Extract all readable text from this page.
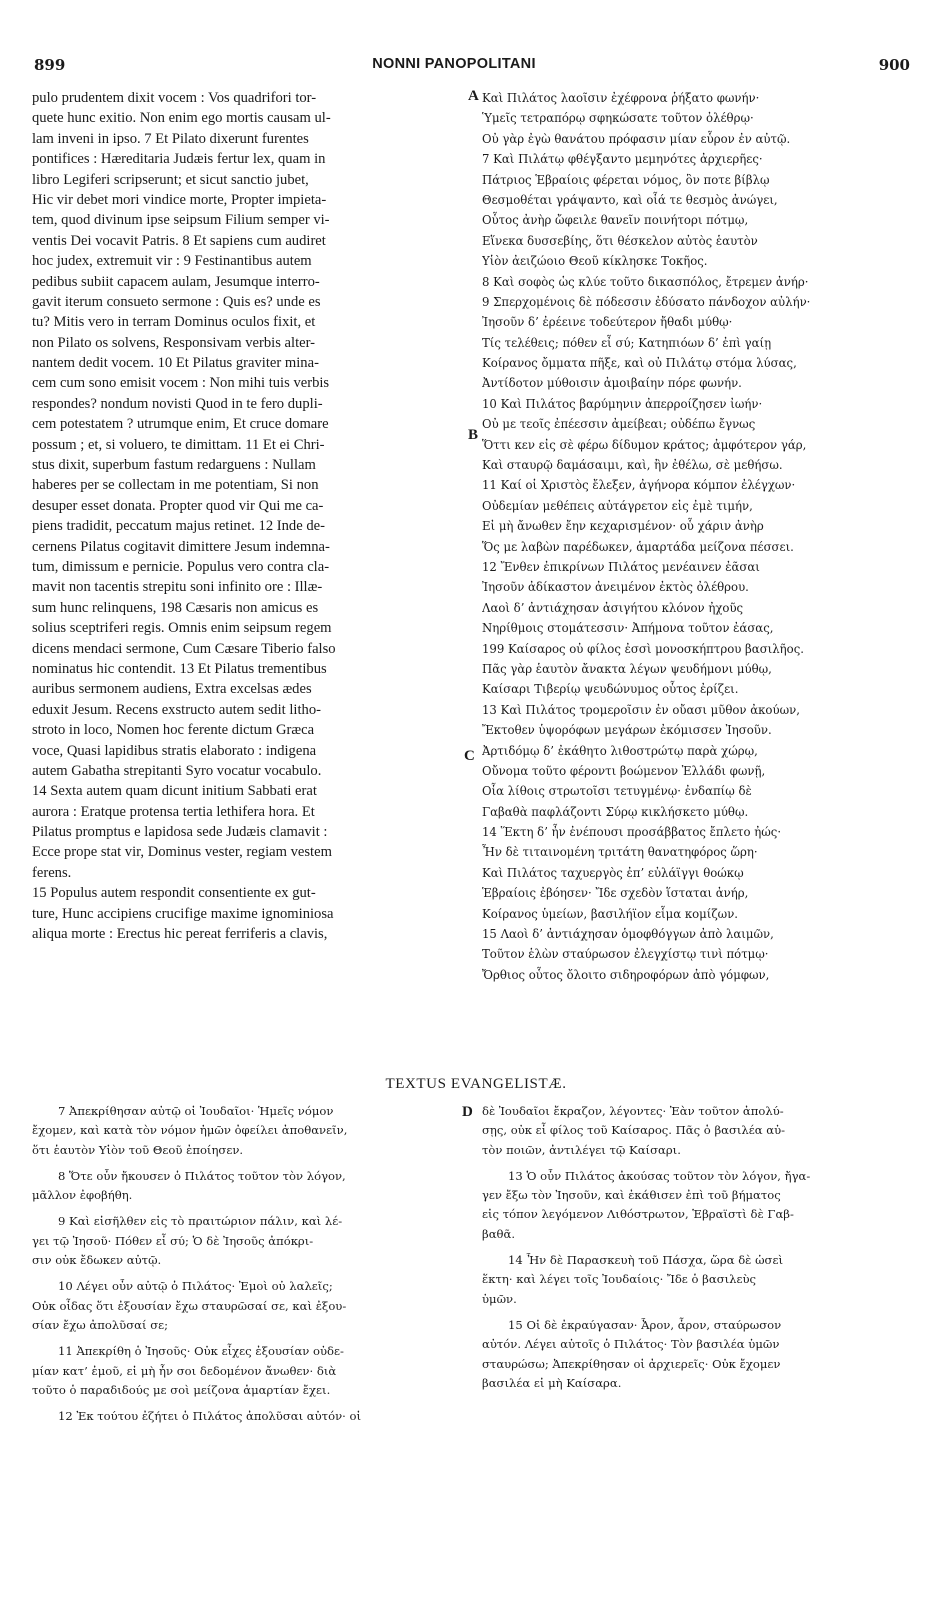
899	NONNI PANOPOLITANI	900
pulo prudentem dixit vocem : Vos quadrifori tor-
quete hunc exitio. Non enim ego mortis causam ul-
lam inveni in ipso. 7 Et Pilato dixerunt furentes
pontifices : Hæreditaria Judæis fertur lex, quam in
libro Legiferi scripserunt; et sicut sanctio jubet,
Hic vir debet mori vindice morte, Propter impieta-
tem, quod divinum ipse seipsum Filium semper vi-
ventis Dei vocavit Patris. 8 Et sapiens cum audiret
hoc judex, extremuit vir : 9 Festinantibus autem
pedibus subiit capacem aulam, Jesumque interro-
gavit iterum consueto sermone : Quis es? unde es
tu? Mitis vero in terram Dominus oculos fixit, et
non Pilato os solvens, Responsivam verbis alter-
nantem dedit vocem. 10 Et Pilatus graviter mina-
cem cum sono emisit vocem : Non mihi tuis verbis
respondes? nondum novisti Quod in te fero dupli-
cem potestatem ? utrumque enim, Et cruce domare
possum ; et, si voluero, te dimittam. 11 Et ei Chri-
stus dixit, superbum fastum redarguens : Nullam
haberes per se collectam in me potentiam, Si non
desuper esset donata. Propter quod vir Qui me ca-
piens tradidit, peccatum majus retinet. 12 Inde de-
cernens Pilatus cogitavit dimittere Jesum indemna-
tum, dimissum e pernicie. Populus vero contra cla-
mavit non tacentis strepitu soni infinito ore : Illæ-
sum hunc relinquens, 198 Cæsaris non amicus es
solius sceptriferi regis. Omnis enim seipsum regem
dicens mendaci sermone, Cum Cæsare Tiberio falso
nominatus hic contendit. 13 Et Pilatus trementibus
auribus sermonem audiens, Extra excelsas ædes
eduxit Jesum. Recens exstructo autem sedit litho-
stroto in loco, Nomen hoc ferente dictum Græca
voce, Quasi lapidibus stratis elaborato : indigena
autem Gabatha strepitanti Syro vocatur vocabulo.
14 Sexta autem quam dicunt initium Sabbati erat
aurora : Eratque protensa tertia lethifera hora. Et
Pilatus promptus e lapidosa sede Judæis clamavit :
Ecce prope stat vir, Dominus vester, regiam vestem
ferens.
15 Populus autem respondit consentiente ex gut-
ture, Hunc accipiens crucifige maxime ignominiosa
aliqua morte : Erectus hic pereat ferriferis a clavis,
A
B
C
D
Καὶ Πιλάτος λαοῖσιν ἐχέφρονα ῥήξατο φωνήν·
Ὑμεῖς τετραπόρῳ σφηκώσατε τοῦτον ὀλέθρῳ·
Οὐ γὰρ ἐγὼ θανάτου πρόφασιν μίαν εὗρον ἐν αὐτῷ.
7 Καὶ Πιλάτῳ φθέγξαντο μεμηνότες ἀρχιερῆες·
Πάτριος Ἑβραίοις φέρεται νόμος, ὃν ποτε βίβλῳ
Θεσμοθέται γράψαντο, καὶ οἷά τε θεσμὸς ἀνώγει,
Οὗτος ἀνὴρ ὤφειλε θανεῖν ποινήτορι πότμῳ,
Εἵνεκα δυσσεβίης, ὅτι θέσκελον αὐτὸς ἑαυτὸν
Υἱὸν ἀειζώοιο Θεοῦ κίκλησκε Τοκῆος.
8 Καὶ σοφὸς ὡς κλύε τοῦτο δικασπόλος, ἔτρεμεν ἀνήρ·
9 Σπερχομένοις δὲ πόδεσσιν ἐδύσατο πάνδοχον αὐλήν·
Ἰησοῦν δ’ ἐρέεινε τοδεύτερον ἤθαδι μύθῳ·
Τίς τελέθεις; πόθεν εἶ σύ; Κατηπιόων δ’ ἐπὶ γαίῃ
Κοίρανος ὄμματα πῆξε, καὶ οὐ Πιλάτῳ στόμα λύσας,
Ἀντίδοτον μύθοισιν ἀμοιβαίην πόρε φωνήν.
10 Καὶ Πιλάτος βαρύμηνιν ἀπερροίζησεν ἰωήν·
Οὐ με τεοῖς ἐπέεσσιν ἀμείβεαι; οὐδέπω ἔγνως
Ὅττι κεν εἰς σὲ φέρω δίδυμον κράτος; ἀμφότερον γάρ,
Καὶ σταυρῷ δαμάσαιμι, καὶ, ἢν ἐθέλω, σὲ μεθήσω.
11 Καί οἱ Χριστὸς ἔλεξεν, ἀγήνορα κόμπον ἐλέγχων·
Οὐδεμίαν μεθέπεις αὐτάγρετον εἰς ἐμὲ τιμήν,
Εἰ μὴ ἄνωθεν ἔην κεχαρισμένον· οὗ χάριν ἀνὴρ
Ὅς με λαβὼν παρέδωκεν, ἁμαρτάδα μείζονα πέσσει.
12 Ἔνθεν ἐπικρίνων Πιλάτος μενέαινεν ἐᾶσαι
Ἰησοῦν ἀδίκαστον ἀνειμένον ἐκτὸς ὀλέθρου.
Λαοὶ δ’ ἀντιάχησαν ἀσιγήτου κλόνον ἠχοῦς
Νηρίθμοις στομάτεσσιν· Ἀπήμονα τοῦτον ἐάσας,
199 Καίσαρος οὐ φίλος ἐσσὶ μονοσκήπτρου βασιλῆος.
Πᾶς γὰρ ἑαυτὸν ἄνακτα λέγων ψευδήμονι μύθῳ,
Καίσαρι Τιβερίῳ ψευδώνυμος οὗτος ἐρίζει.
13 Καὶ Πιλάτος τρομεροῖσιν ἐν οὔασι μῦθον ἀκούων,
Ἔκτοθεν ὑψορόφων μεγάρων ἐκόμισσεν Ἰησοῦν.
Ἀρτιδόμῳ δ’ ἐκάθητο λιθοστρώτῳ παρὰ χώρῳ,
Οὔνομα τοῦτο φέροντι βοώμενον Ἑλλάδι φωνῇ,
Οἷα λίθοις στρωτοῖσι τετυγμένῳ· ἐνδαπίῳ δὲ
Γαβαθὰ παφλάζοντι Σύρῳ κικλήσκετο μύθῳ.
14 Ἕκτη δ’ ἦν ἐνέπουσι προσάββατος ἔπλετο ἠώς·
Ἦν δὲ τιταινομένη τριτάτη θανατηφόρος ὥρη·
Καὶ Πιλάτος ταχυεργὸς ἐπ’ εὐλάϊγγι θοώκῳ
Ἑβραίοις ἐβόησεν· Ἴδε σχεδὸν ἵσταται ἀνήρ,
Κοίρανος ὑμείων, βασιλήϊον εἷμα κομίζων.
15 Λαοὶ δ’ ἀντιάχησαν ὁμοφθόγγων ἀπὸ λαιμῶν,
Τοῦτον ἑλὼν σταύρωσον ἐλεγχίστῳ τινὶ πότμῳ·
Ὄρθιος οὗτος ὄλοιτο σιδηροφόρων ἀπὸ γόμφων,
TEXTUS EVANGELISTÆ.
7 Ἀπεκρίθησαν αὐτῷ οἱ Ἰουδαῖοι· Ἡμεῖς νόμον
ἔχομεν, καὶ κατὰ τὸν νόμον ἡμῶν ὀφείλει ἀποθανεῖν,
ὅτι ἑαυτὸν Υἱὸν τοῦ Θεοῦ ἐποίησεν.
8 Ὅτε οὖν ἤκουσεν ὁ Πιλάτος τοῦτον τὸν λόγον,
μᾶλλον ἐφοβήθη.
9 Καὶ εἰσῆλθεν εἰς τὸ πραιτώριον πάλιν, καὶ λέ-
γει τῷ Ἰησοῦ· Πόθεν εἶ σύ; Ὁ δὲ Ἰησοῦς ἀπόκρι-
σιν οὐκ ἔδωκεν αὐτῷ.
10 Λέγει οὖν αὐτῷ ὁ Πιλάτος· Ἐμοὶ οὐ λαλεῖς;
Οὐκ οἶδας ὅτι ἐξουσίαν ἔχω σταυρῶσαί σε, καὶ ἐξου-
σίαν ἔχω ἀπολῦσαί σε;
11 Ἀπεκρίθη ὁ Ἰησοῦς· Οὐκ εἶχες ἐξουσίαν οὐδε-
μίαν κατ’ ἐμοῦ, εἰ μὴ ἦν σοι δεδομένον ἄνωθεν· διὰ
τοῦτο ὁ παραδιδούς με σοὶ μείζονα ἁμαρτίαν ἔχει.
12 Ἐκ τούτου ἐζήτει ὁ Πιλάτος ἀπολῦσαι αὐτόν· οἱ
δὲ Ἰουδαῖοι ἔκραζον, λέγοντες· Ἐὰν τοῦτον ἀπολύ-
σῃς, οὐκ εἶ φίλος τοῦ Καίσαρος. Πᾶς ὁ βασιλέα αὐ-
τὸν ποιῶν, ἀντιλέγει τῷ Καίσαρι.
13 Ὁ οὖν Πιλάτος ἀκούσας τοῦτον τὸν λόγον, ἤγα-
γεν ἔξω τὸν Ἰησοῦν, καὶ ἐκάθισεν ἐπὶ τοῦ βήματος
εἰς τόπον λεγόμενον Λιθόστρωτον, Ἑβραϊστὶ δὲ Γαβ-
βαθᾶ.
14 Ἦν δὲ Παρασκευὴ τοῦ Πάσχα, ὥρα δὲ ὡσεὶ
ἕκτη· καὶ λέγει τοῖς Ἰουδαίοις· Ἴδε ὁ βασιλεὺς
ὑμῶν.
15 Οἱ δὲ ἐκραύγασαν· Ἆρον, ἆρον, σταύρωσον
αὐτόν. Λέγει αὐτοῖς ὁ Πιλάτος· Τὸν βασιλέα ὑμῶν
σταυρώσω; Ἀπεκρίθησαν οἱ ἀρχιερεῖς· Οὐκ ἔχομεν
βασιλέα εἰ μὴ Καίσαρα.
